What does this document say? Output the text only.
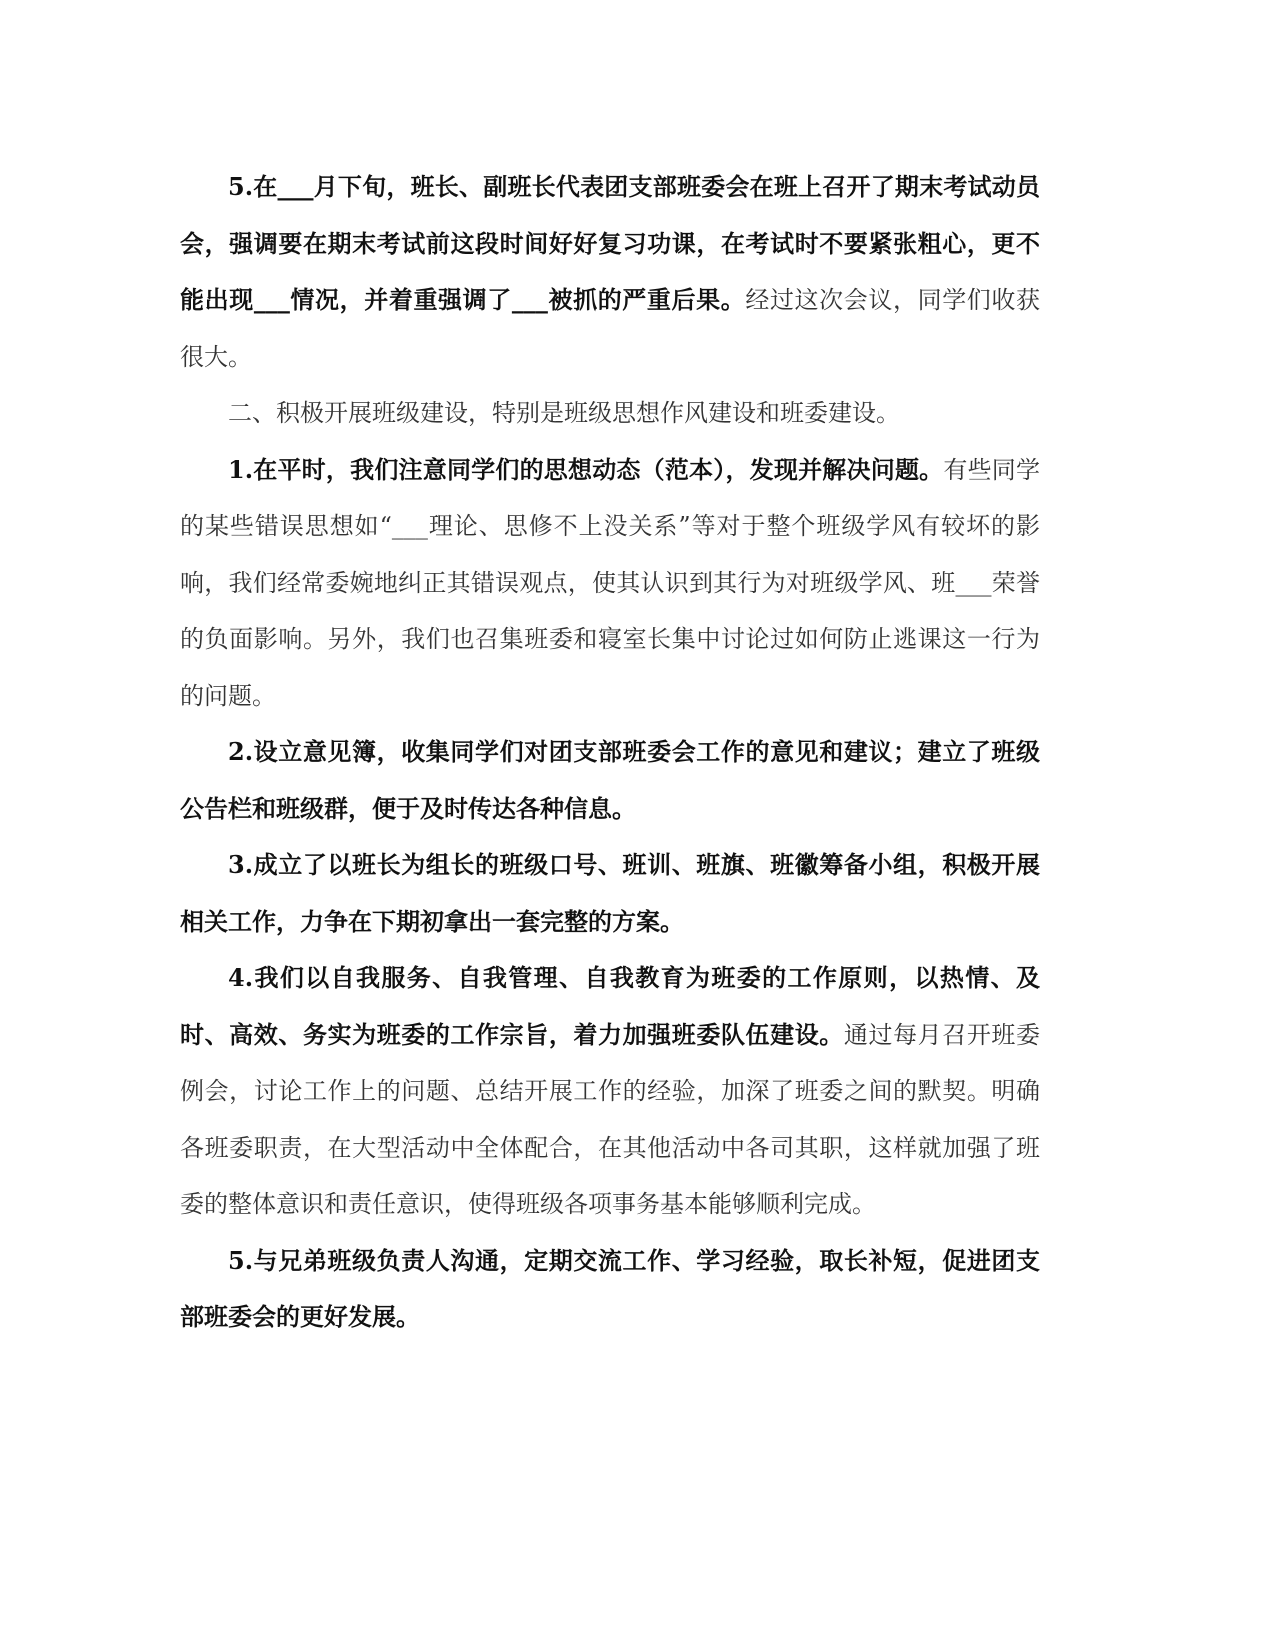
5.在___月下旬，班长、副班长代表团支部班委会在班上召开了期末考试动员会，强调要在期末考试前这段时间好好复习功课，在考试时不要紧张粗心，更不能出现___情况，并着重强调了___被抓的严重后果。经过这次会议，同学们收获很大。

二、积极开展班级建设，特别是班级思想作风建设和班委建设。

1.在平时，我们注意同学们的思想动态（范本），发现并解决问题。有些同学的某些错误思想如“___理论、思修不上没关系”等对于整个班级学风有较坏的影响，我们经常委婉地纠正其错误观点，使其认识到其行为对班级学风、班___荣誉的负面影响。另外，我们也召集班委和寝室长集中讨论过如何防止逃课这一行为的问题。

2.设立意见簿，收集同学们对团支部班委会工作的意见和建议；建立了班级公告栏和班级群，便于及时传达各种信息。

3.成立了以班长为组长的班级口号、班训、班旗、班徽筹备小组，积极开展相关工作，力争在下期初拿出一套完整的方案。

4.我们以自我服务、自我管理、自我教育为班委的工作原则，以热情、及时、高效、务实为班委的工作宗旨，着力加强班委队伍建设。通过每月召开班委例会，讨论工作上的问题、总结开展工作的经验，加深了班委之间的默契。明确各班委职责，在大型活动中全体配合，在其他活动中各司其职，这样就加强了班委的整体意识和责任意识，使得班级各项事务基本能够顺利完成。

5.与兄弟班级负责人沟通，定期交流工作、学习经验，取长补短，促进团支部班委会的更好发展。
